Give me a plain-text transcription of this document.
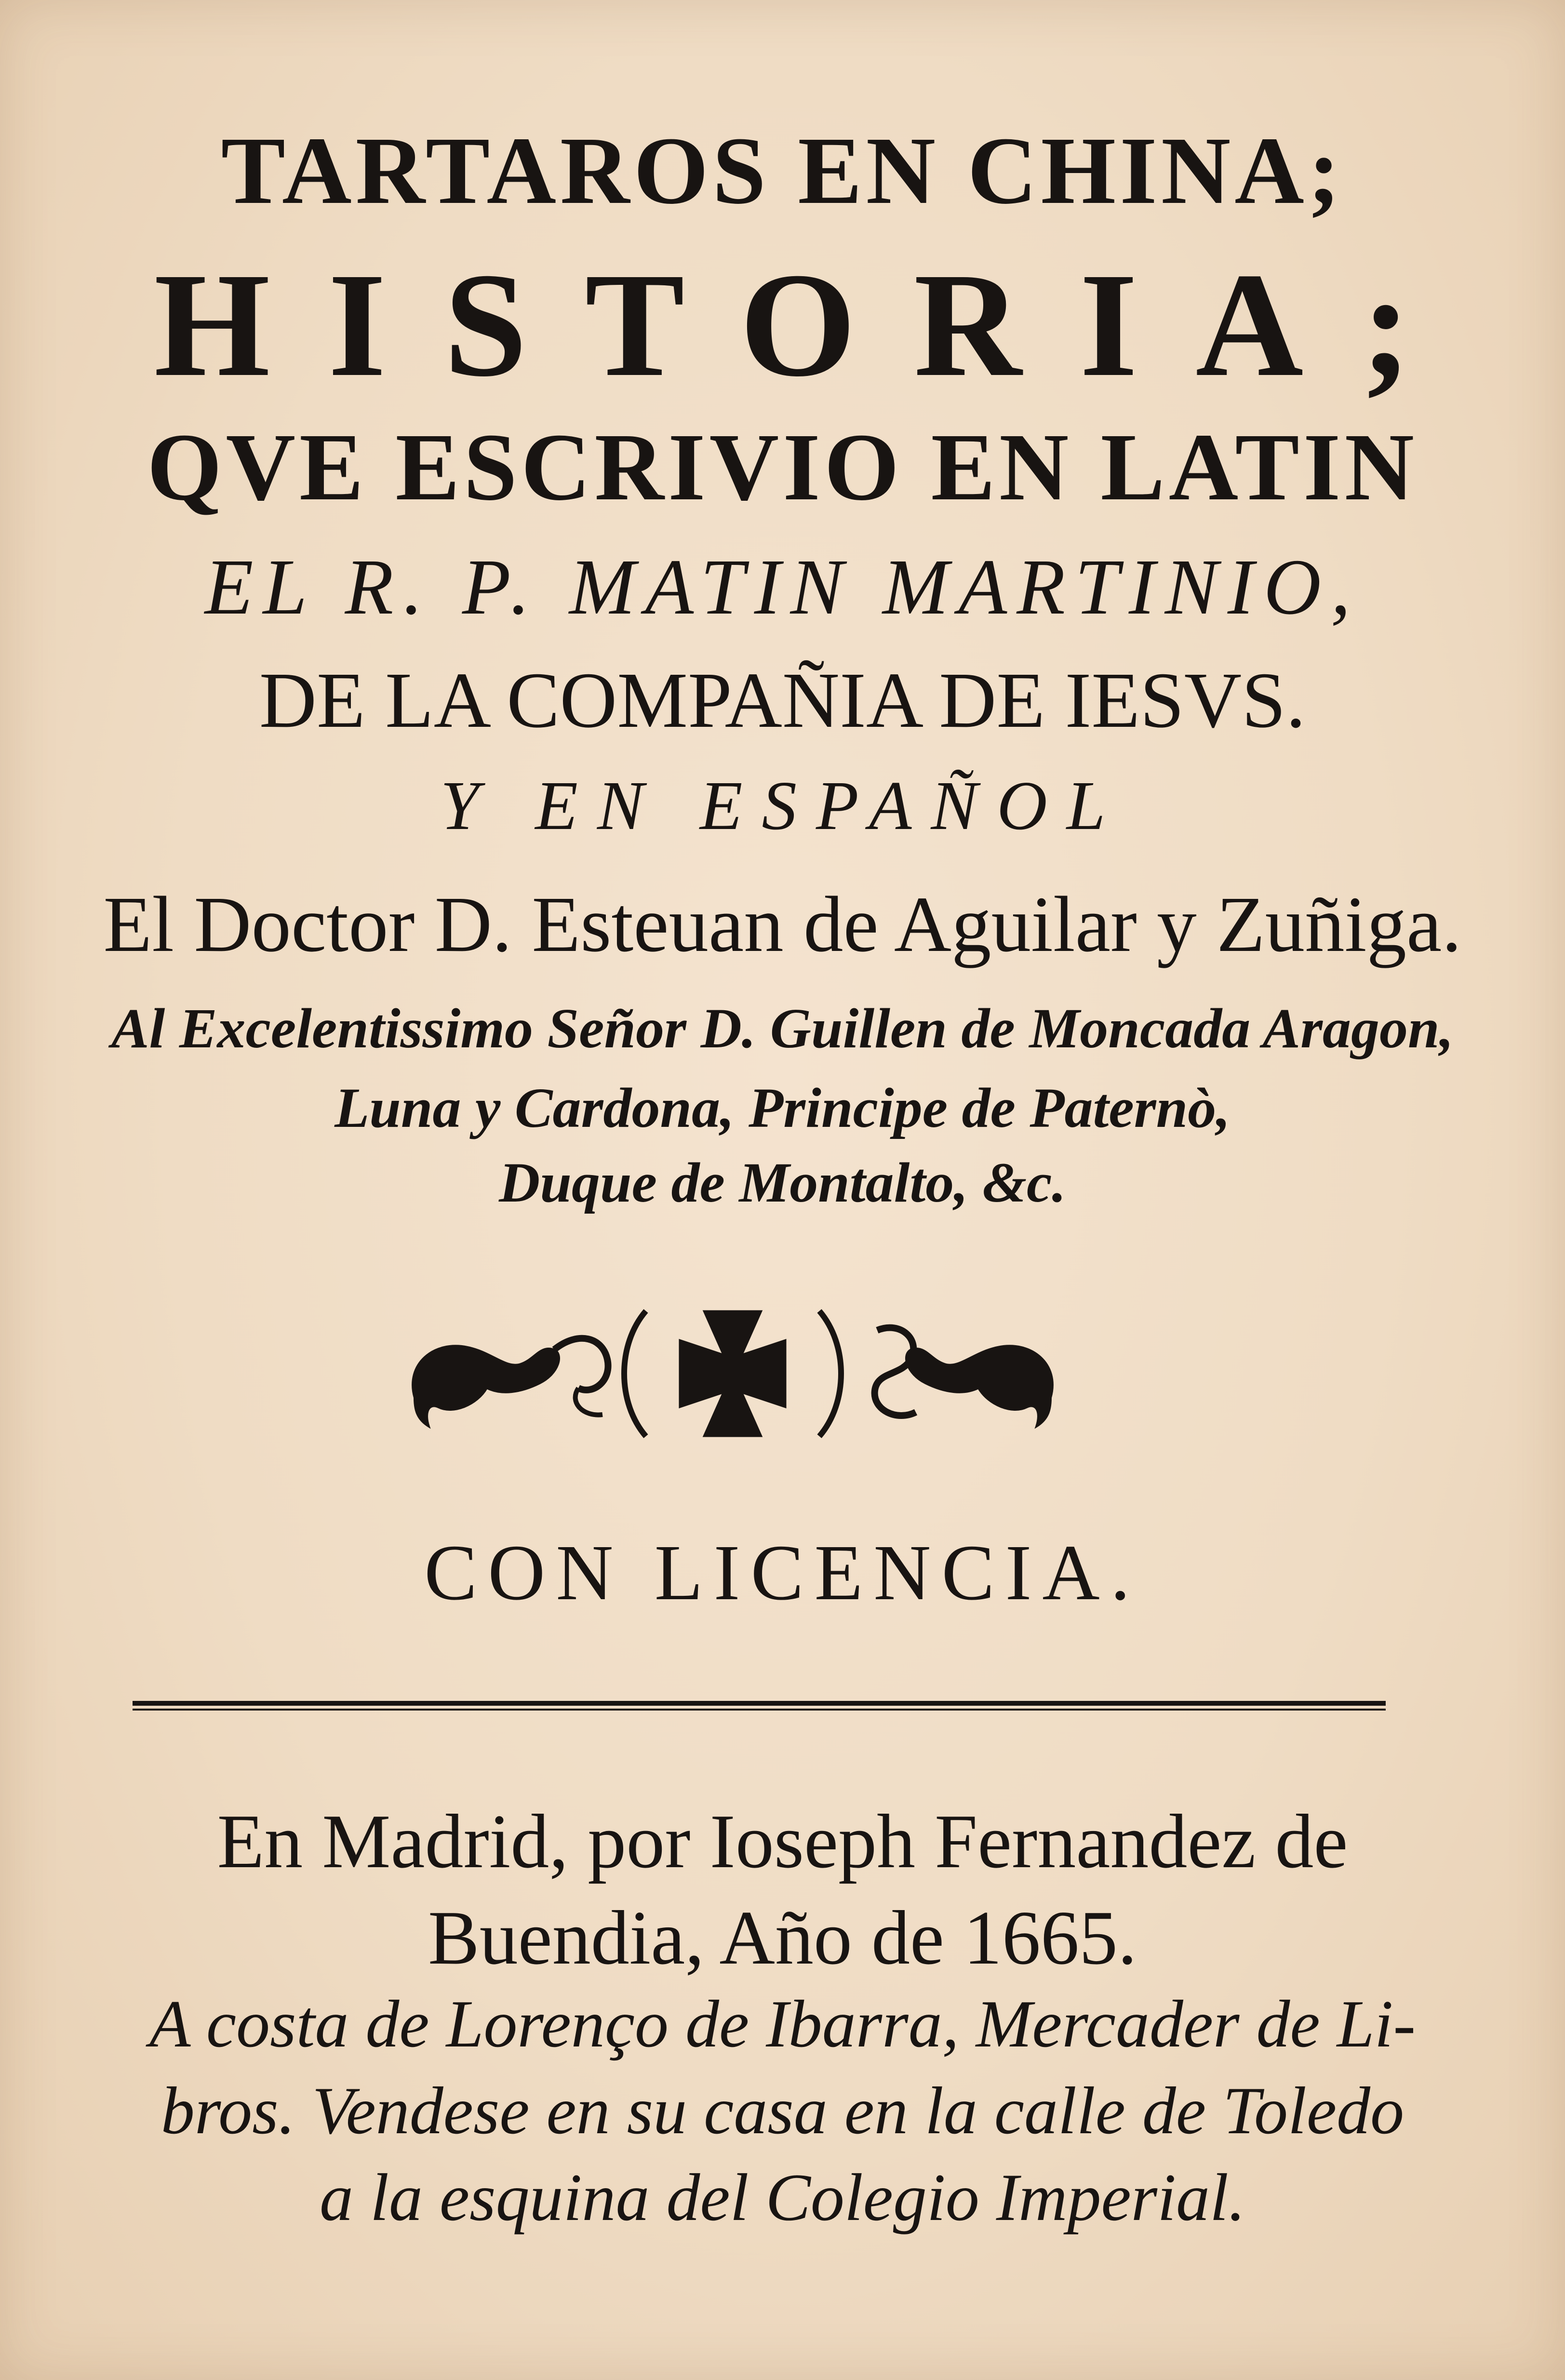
TARTAROS EN CHINA;
HISTORIA;
QVE ESCRIVIO EN LATIN
EL R. P. MATIN MARTINIO,
DE LA COMPAÑIA DE IESVS.
Y EN ESPAÑOL
El Doctor D. Esteuan de Aguilar y Zuñiga.
Al Excelentissimo Señor D. Guillen de Moncada Aragon,
Luna y Cardona, Principe de Paternò,
Duque de Montalto, &c.
CON LICENCIA.
En Madrid, por Ioseph Fernandez de
Buendia, Año de 1665.
A costa de Lorenço de Ibarra, Mercader de Li-
bros. Vendese en su casa en la calle de Toledo
a la esquina del Colegio Imperial.
